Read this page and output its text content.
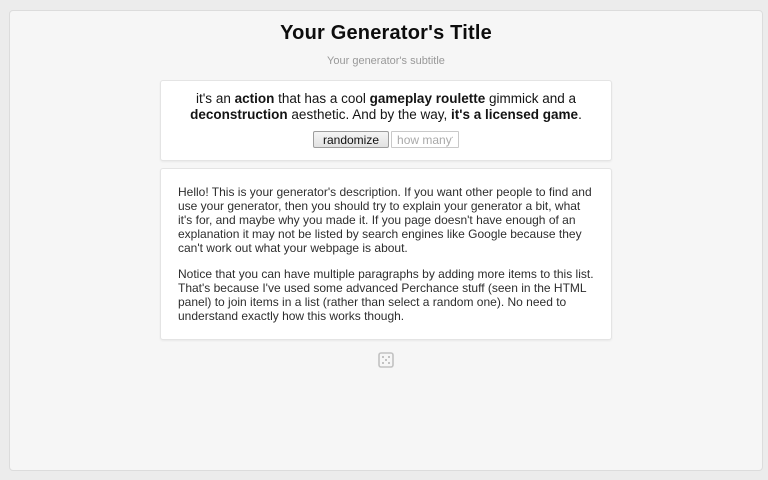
Your Generator's Title
Your generator's subtitle
it's an action that has a cool gameplay roulette gimmick and a deconstruction aesthetic. And by the way, it's a licensed game.
randomizehow many?

Hello! This is your generator's description. If you want other people to find and use your generator, then you should try to explain your generator a bit, what it's for, and maybe why you made it. If you page doesn't have enough of an explanation it may not be listed by search engines like Google because they can't work out what your webpage is about.

Notice that you can have multiple paragraphs by adding more items to this list. That's because I've used some advanced Perchance stuff (seen in the HTML panel) to join items in a list (rather than select a random one). No need to understand exactly how this works though.
